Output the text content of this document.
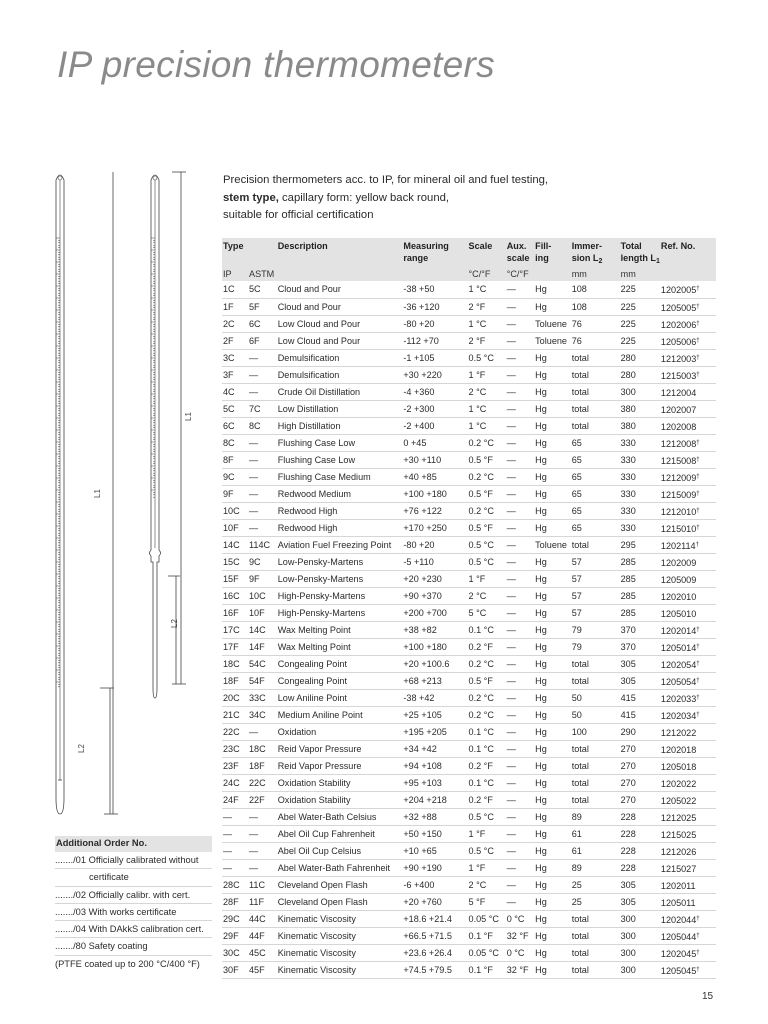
IP precision thermometers
Precision thermometers acc. to IP, for mineral oil and fuel testing,
stem type, capillary form: yellow back round,
suitable for official certification
L1
L2
L1
L2
Type		Description	Measuring
range	Scale	Aux.
scale	Fill-
ing	Immer-
sion $L_2$	Total
length $L_1$	Ref. No.
IP	ASTM			°C/°F	°C/°F		mm	mm	
1C	5C	Cloud and Pour	-38 +50	1 °C	—	Hg	108	225	1202005†
1F	5F	Cloud and Pour	-36 +120	2 °F	—	Hg	108	225	1205005†
2C	6C	Low Cloud and Pour	-80 +20	1 °C	—	Toluene	76	225	1202006†
2F	6F	Low Cloud and Pour	-112 +70	2 °F	—	Toluene	76	225	1205006†
3C	—	Demulsification	-1 +105	0.5 °C	—	Hg	total	280	1212003†
3F	—	Demulsification	+30 +220	1 °F	—	Hg	total	280	1215003†
4C	—	Crude Oil Distillation	-4 +360	2 °C	—	Hg	total	300	1212004
5C	7C	Low Distillation	-2 +300	1 °C	—	Hg	total	380	1202007
6C	8C	High Distillation	-2 +400	1 °C	—	Hg	total	380	1202008
8C	—	Flushing Case Low	0 +45	0.2 °C	—	Hg	65	330	1212008†
8F	—	Flushing Case Low	+30 +110	0.5 °F	—	Hg	65	330	1215008†
9C	—	Flushing Case Medium	+40 +85	0.2 °C	—	Hg	65	330	1212009†
9F	—	Redwood Medium	+100 +180	0.5 °F	—	Hg	65	330	1215009†
10C	—	Redwood High	+76 +122	0.2 °C	—	Hg	65	330	1212010†
10F	—	Redwood High	+170 +250	0.5 °F	—	Hg	65	330	1215010†
14C	114C	Aviation Fuel Freezing Point	-80 +20	0.5 °C	—	Toluene	total	295	1202114†
15C	9C	Low-Pensky-Martens	-5 +110	0.5 °C	—	Hg	57	285	1202009
15F	9F	Low-Pensky-Martens	+20 +230	1 °F	—	Hg	57	285	1205009
16C	10C	High-Pensky-Martens	+90 +370	2 °C	—	Hg	57	285	1202010
16F	10F	High-Pensky-Martens	+200 +700	5 °C	—	Hg	57	285	1205010
17C	14C	Wax Melting Point	+38 +82	0.1 °C	—	Hg	79	370	1202014†
17F	14F	Wax Melting Point	+100 +180	0.2 °F	—	Hg	79	370	1205014†
18C	54C	Congealing Point	+20 +100.6	0.2 °C	—	Hg	total	305	1202054†
18F	54F	Congealing Point	+68 +213	0.5 °F	—	Hg	total	305	1205054†
20C	33C	Low Aniline Point	-38 +42	0.2 °C	—	Hg	50	415	1202033†
21C	34C	Medium Aniline Point	+25 +105	0.2 °C	—	Hg	50	415	1202034†
22C	—	Oxidation	+195 +205	0.1 °C	—	Hg	100	290	1212022
23C	18C	Reid Vapor Pressure	+34 +42	0.1 °C	—	Hg	total	270	1202018
23F	18F	Reid Vapor Pressure	+94 +108	0.2 °F	—	Hg	total	270	1205018
24C	22C	Oxidation Stability	+95 +103	0.1 °C	—	Hg	total	270	1202022
24F	22F	Oxidation Stability	+204 +218	0.2 °F	—	Hg	total	270	1205022
—	—	Abel Water-Bath Celsius	+32 +88	0.5 °C	—	Hg	89	228	1212025
—	—	Abel Oil Cup Fahrenheit	+50 +150	1 °F	—	Hg	61	228	1215025
—	—	Abel Oil Cup Celsius	+10 +65	0.5 °C	—	Hg	61	228	1212026
—	—	Abel Water-Bath Fahrenheit	+90 +190	1 °F	—	Hg	89	228	1215027
28C	11C	Cleveland Open Flash	-6 +400	2 °C	—	Hg	25	305	1202011
28F	11F	Cleveland Open Flash	+20 +760	5 °F	—	Hg	25	305	1205011
29C	44C	Kinematic Viscosity	+18.6 +21.4	0.05 °C	0 °C	Hg	total	300	1202044†
29F	44F	Kinematic Viscosity	+66.5 +71.5	0.1 °F	32 °F	Hg	total	300	1205044†
30C	45C	Kinematic Viscosity	+23.6 +26.4	0.05 °C	0 °C	Hg	total	300	1202045†
30F	45F	Kinematic Viscosity	+74.5 +79.5	0.1 °F	32 °F	Hg	total	300	1205045†
Additional Order No.
......./01 Officially calibrated without
certificate
......./02 Officially calibr. with cert.
......./03 With works certificate
......./04 With DAkkS calibration cert.
......./80 Safety coating
(PTFE coated up to 200 °C/400 °F)
15
